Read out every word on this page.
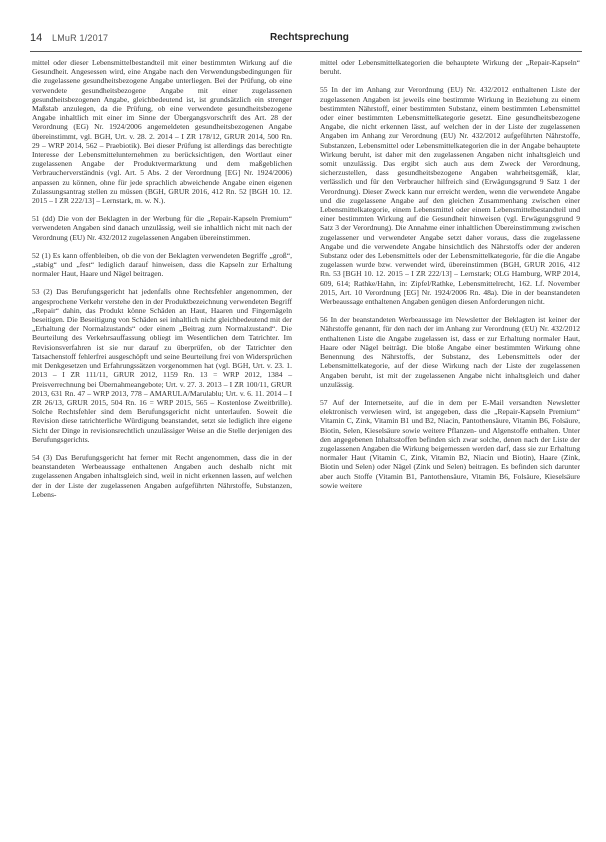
14 LMuR 1/2017	Rechtsprechung

mittel oder dieser Lebensmittelbestandteil mit einer bestimmten Wirkung auf die Gesundheit. Angesessen wird, eine Angabe nach den Verwendungsbedingungen für die zugelassene gesundheitsbezogene Angabe unterliegen. Bei der Prüfung, ob eine verwendete gesundheitsbezogene Angabe mit einer zugelassenen gesundheitsbezogenen Angabe, gleichbedeutend ist, ist grundsätzlich ein strenger Maßstab anzulegen, da die Prüfung, ob eine verwendete gesundheitsbezogene Angabe inhaltlich mit einer im Sinne der Übergangsvorschrift des Art. 28 der Verordnung (EG) Nr. 1924/2006 angemeldeten gesundheitsbezogenen Angabe übereinstimmt, vgl. BGH, Urt. v. 28. 2. 2014 – I ZR 178/12, GRUR 2014, 500 Rn. 29 – WRP 2014, 562 – Praebiotik). Bei dieser Prüfung ist allerdings das berechtigte Interesse der Lebensmittelunternehmen zu berücksichtigen, den Wortlaut einer zugelassenen Angabe der Produktvermarktung und dem maßgeblichen Verbraucherverständnis (vgl. Art. 5 Abs. 2 der Verordnung [EG] Nr. 1924/2006) anpassen zu können, ohne für jede sprachlich abweichende Angabe einen eigenen Zulassungsantrag stellen zu müssen (BGH, GRUR 2016, 412 Rn. 52 [BGH 10. 12. 2015 – I ZR 222/13] – Lernstark, m. w. N.).

51 (dd) Die von der Beklagten in der Werbung für die „Repair-Kapseln Premium“ verwendeten Angaben sind danach unzulässig, weil sie inhaltlich nicht mit nach der Verordnung (EU) Nr. 432/2012 zugelassenen Angaben übereinstimmen.

52 (1) Es kann offenbleiben, ob die von der Beklagten verwendeten Begriffe „groß“, „stabig“ und „fest“ lediglich darauf hinweisen, dass die Kapseln zur Erhaltung normaler Haut, Haare und Nägel beitragen.

53 (2) Das Berufungsgericht hat jedenfalls ohne Rechtsfehler angenommen, der angesprochene Verkehr verstehe den in der Produktbezeichnung verwendeten Begriff „Repair“ dahin, das Produkt könne Schäden an Haut, Haaren und Fingernägeln beseitigen. Die Beseitigung von Schäden sei inhaltlich nicht gleichbedeutend mit der „Erhaltung der Normalzustands“ oder einem „Beitrag zum Normalzustand“. Die Beurteilung des Verkehrsauffassung obliegt im Wesentlichen dem Tatrichter. Im Revisionsverfahren ist sie nur darauf zu überprüfen, ob der Tatrichter den Tatsachenstoff fehlerfrei ausgeschöpft und seine Beurteilung frei von Widersprüchen mit Denkgesetzen und Erfahrungssätzen vorgenommen hat (vgl. BGH, Urt. v. 23. 1. 2013 – I ZR 111/11, GRUR 2012, 1159 Rn. 13 = WRP 2012, 1384 – Preisverrechnung bei Übernahmeangebote; Urt. v. 27. 3. 2013 – I ZR 100/11, GRUR 2013, 631 Rn. 47 – WRP 2013, 778 – AMARULA/Marulablu; Urt. v. 6. 11. 2014 – I ZR 26/13, GRUR 2015, 504 Rn. 16 = WRP 2015, 565 – Kostenlose Zweitbrille). Solche Rechtsfehler sind dem Berufungsgericht nicht unterlaufen. Soweit die Revision diese tatrichterliche Würdigung beanstandet, setzt sie lediglich ihre eigene Sicht der Dinge in revisionsrechtlich unzulässiger Weise an die Stelle derjenigen des Berufungsgerichts.

54 (3) Das Berufungsgericht hat ferner mit Recht angenommen, dass die in der beanstandeten Werbeaussage enthaltenen Angaben auch deshalb nicht mit zugelassenen Angaben inhaltsgleich sind, weil in nicht erkennen lassen, auf welchen der in der Liste der zugelassenen Angaben aufgeführten Nährstoffe, Substanzen, Lebens-

mittel oder Lebensmittelkategorien die behauptete Wirkung der „Repair-Kapseln“ beruht.

55 In der im Anhang zur Verordnung (EU) Nr. 432/2012 enthaltenen Liste der zugelassenen Angaben ist jeweils eine bestimmte Wirkung in Beziehung zu einem bestimmten Nährstoff, einer bestimmten Substanz, einem bestimmten Lebensmittel oder einer bestimmten Lebensmittelkategorie gesetzt. Eine gesundheitsbezogene Angabe, die nicht erkennen lässt, auf welchen der in der Liste der zugelassenen Angaben im Anhang zur Verordnung (EU) Nr. 432/2012 aufgeführten Nährstoffe, Substanzen, Lebensmittel oder Lebensmittelkategorien die in der Angabe behauptete Wirkung beruht, ist daher mit den zugelassenen Angaben nicht inhaltsgleich und somit unzulässig. Das ergibt sich auch aus dem Zweck der Verordnung, sicherzustellen, dass gesundheitsbezogene Angaben wahrheitsgemäß, klar, verlässlich und für den Verbraucher hilfreich sind (Erwägungsgrund 9 Satz 1 der Verordnung). Dieser Zweck kann nur erreicht werden, wenn die verwendete Angabe und die zugelassene Angabe auf den gleichen Zusammenhang zwischen einer Lebensmittelkategorie, einem Lebensmittel oder einem Lebensmittelbestandteil und einer bestimmten Wirkung auf die Gesundheit hinweisen (vgl. Erwägungsgrund 9 Satz 3 der Verordnung). Die Annahme einer inhaltlichen Übereinstimmung zwischen zugelassener und verwendeter Angabe setzt daher voraus, dass die zugelassene Angabe und die verwendete Angabe hinsichtlich des Nährstoffs oder der anderen Substanz oder des Lebensmittels oder der Lebensmittelkategorie, für die die Angabe zugelassen wurde bzw. verwendet wird, übereinstimmen (BGH, GRUR 2016, 412 Rn. 53 [BGH 10. 12. 2015 – I ZR 222/13] – Lernstark; OLG Hamburg, WRP 2014, 609, 614; Rathke/Hahn, in: Zipfel/Rathke, Lebensmittelrecht, 162. Lf. November 2015, Art. 10 Verordnung [EG] Nr. 1924/2006 Rn. 48a). Die in der beanstandeten Werbeaussage enthaltenen Angaben genügen diesen Anforderungen nicht.

56 In der beanstandeten Werbeaussage im Newsletter der Beklagten ist keiner der Nährstoffe genannt, für den nach der im Anhang zur Verordnung (EU) Nr. 432/2012 enthaltenen Liste die Angabe zugelassen ist, dass er zur Erhaltung normaler Haut, Haare oder Nägel beiträgt. Die bloße Angabe einer bestimmten Wirkung ohne Benennung des Nährstoffs, der Substanz, des Lebensmittels oder der Lebensmittelkategorie, auf der diese Wirkung nach der Liste der zugelassenen Angaben beruht, ist mit der zugelassenen Angabe nicht inhaltsgleich und daher unzulässig.

57 Auf der Internetseite, auf die in dem per E-Mail versandten Newsletter elektronisch verwiesen wird, ist angegeben, dass die „Repair-Kapseln Premium“ Vitamin C, Zink, Vitamin B1 und B2, Niacin, Pantothensäure, Vitamin B6, Folsäure, Biotin, Selen, Kieselsäure sowie weitere Pflanzen- und Algenstoffe enthalten. Unter den angegebenen Inhaltsstoffen befinden sich zwar solche, denen nach der Liste der zugelassenen Angaben die Wirkung beigemessen werden darf, dass sie zur Erhaltung normaler Haut (Vitamin C, Zink, Vitamin B2, Niacin und Biotin), Haare (Zink, Biotin und Selen) oder Nägel (Zink und Selen) beitragen. Es befinden sich darunter aber auch Stoffe (Vitamin B1, Pantothensäure, Vitamin B6, Folsäure, Kieselsäure sowie weitere
